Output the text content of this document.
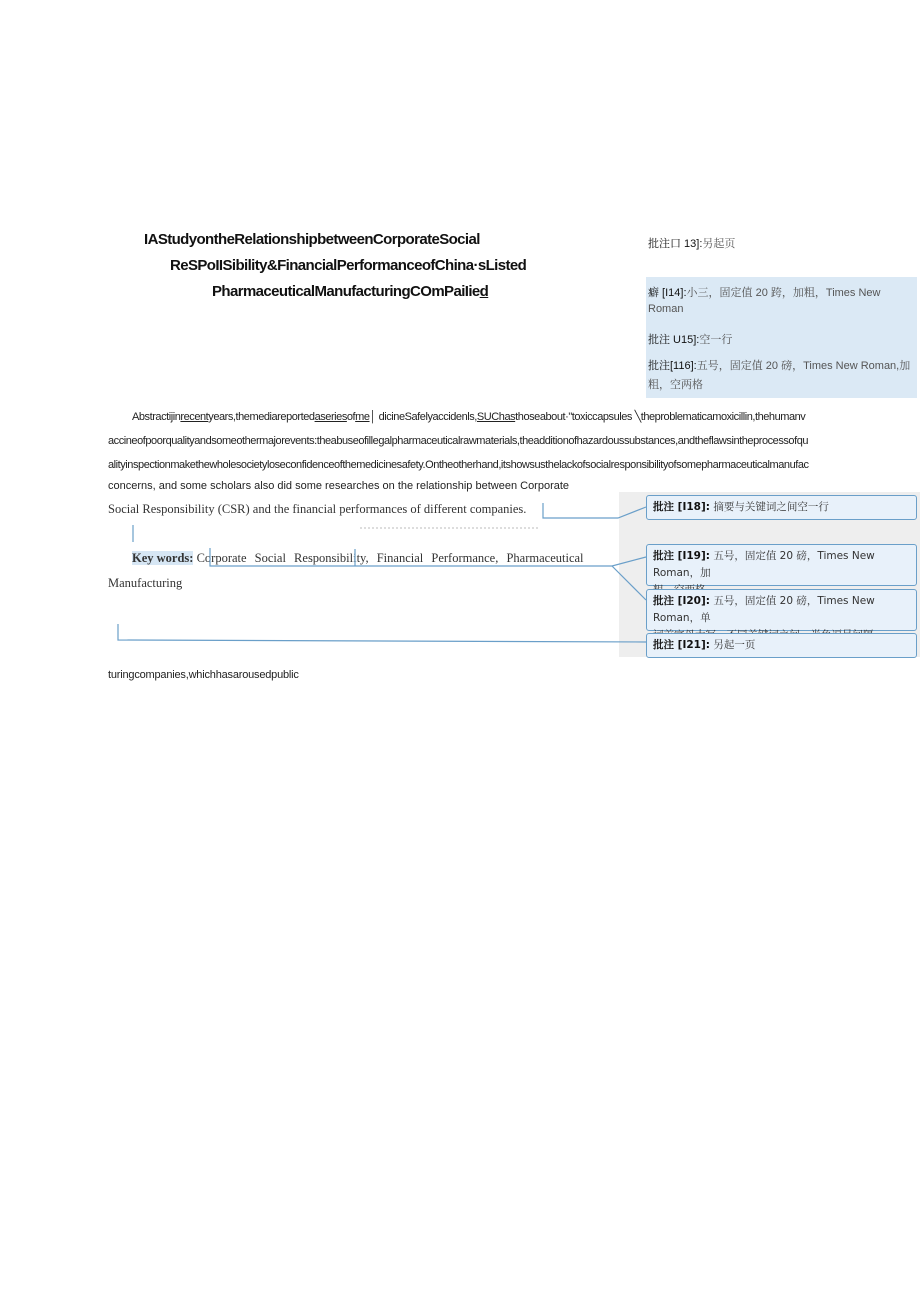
IAStudyontheRelationshipbetweenCorporateSocial
ReSPoIISibility&FinancialPerformanceofChina·sListed
PharmaceuticalManufacturingCOmPaiIied
批注口 13]:另起页
癖 [I14]:小三，固定值 20 跨，加粗，Times New
Roman
批注 U15]:空一行
批注[116]:五号，固定值 20 磅，Times New Roman,加
粗，空两格
Abstractijinrecentyears,themediareportedaseriesofme│ dicineSafelyaccidenls,SUChasthoseabout·"toxiccapsules ╲theproblematicamoxicillin,thehumanv
accineofpoorqualityandsomeothermajorevents:theabuseofillegalpharmaceuticalrawmaterials,theadditionofhazardoussubstances,andtheflawsintheprocessofqu
alityinspectionmakethewholesocietyloseconfidenceofthemedicinesafety.Ontheotherhand,itshowsusthelackofsocialresponsibilityofsomepharmaceuticalmanufac
concerns, and some scholars also did some researches on the relationship between Corporate
Social Responsibility (CSR) and the financial performances of different companies.
Key words: Corporate Social Responsibility, Financial Performance, Pharmaceutical
Manufacturing
turingcompanies,whichhasarousedpublic
批注 [I18]: 摘要与关键词之间空一行
批注 [I19]: 五号，固定值 20 磅，Times New Roman，加

批注 [I20]: 五号，固定值 20 磅，Times New Roman，单

批注 [I21]: 另起一页
